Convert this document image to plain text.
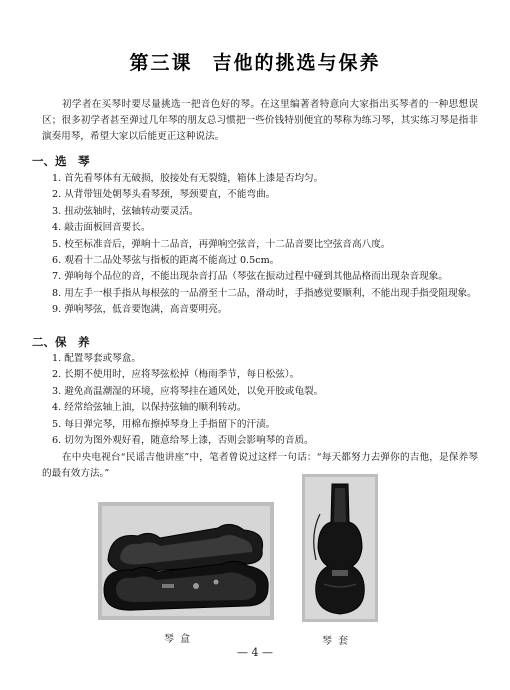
第三课 吉他的挑选与保养
初学者在买琴时要尽量挑选一把音色好的琴。在这里编著者特意向大家指出买琴者的一种思想误区；很多初学者甚至弹过几年琴的朋友总习惯把一些价钱特别便宜的琴称为练习琴，其实练习琴是指非演奏用琴，希望大家以后能更正这种说法。
一、选　琴
1. 首先看琴体有无破损，胶接处有无裂缝，箱体上漆是否均匀。
2. 从背带钮处朝琴头看琴颈，琴颈要直，不能弯曲。
3. 扭动弦轴时，弦轴转动要灵活。
4. 敲击面板回音要长。
5. 校至标准音后，弹响十二品音，再弹响空弦音，十二品音要比空弦音高八度。
6. 观看十二品处琴弦与指板的距离不能高过 0.5cm。
7. 弹响每个品位的音，不能出现杂音打品（琴弦在振动过程中碰到其他品格而出现杂音现象。
8. 用左手一根手指从每根弦的一品滑至十二品，滑动时，手指感觉要顺利，不能出现手指受阻现象。
9. 弹响琴弦，低音要饱满，高音要明亮。
二、保　养
1. 配置琴套或琴盒。
2. 长期不使用时，应将琴弦松掉（梅雨季节，每日松弦）。
3. 避免高温潮湿的环境，应将琴挂在通风处，以免开胶或龟裂。
4. 经常给弦轴上油，以保持弦轴的顺利转动。
5. 每日弹完琴，用棉布擦掉琴身上手指留下的汗渍。
6. 切勿为图外观好看，随意给琴上漆，否则会影响琴的音质。
在中央电视台“民谣吉他讲座”中，笔者曾说过这样一句话：“每天都努力去弹你的吉他，是保养琴的最有效方法。”
琴盒	琴套
— 4 —
